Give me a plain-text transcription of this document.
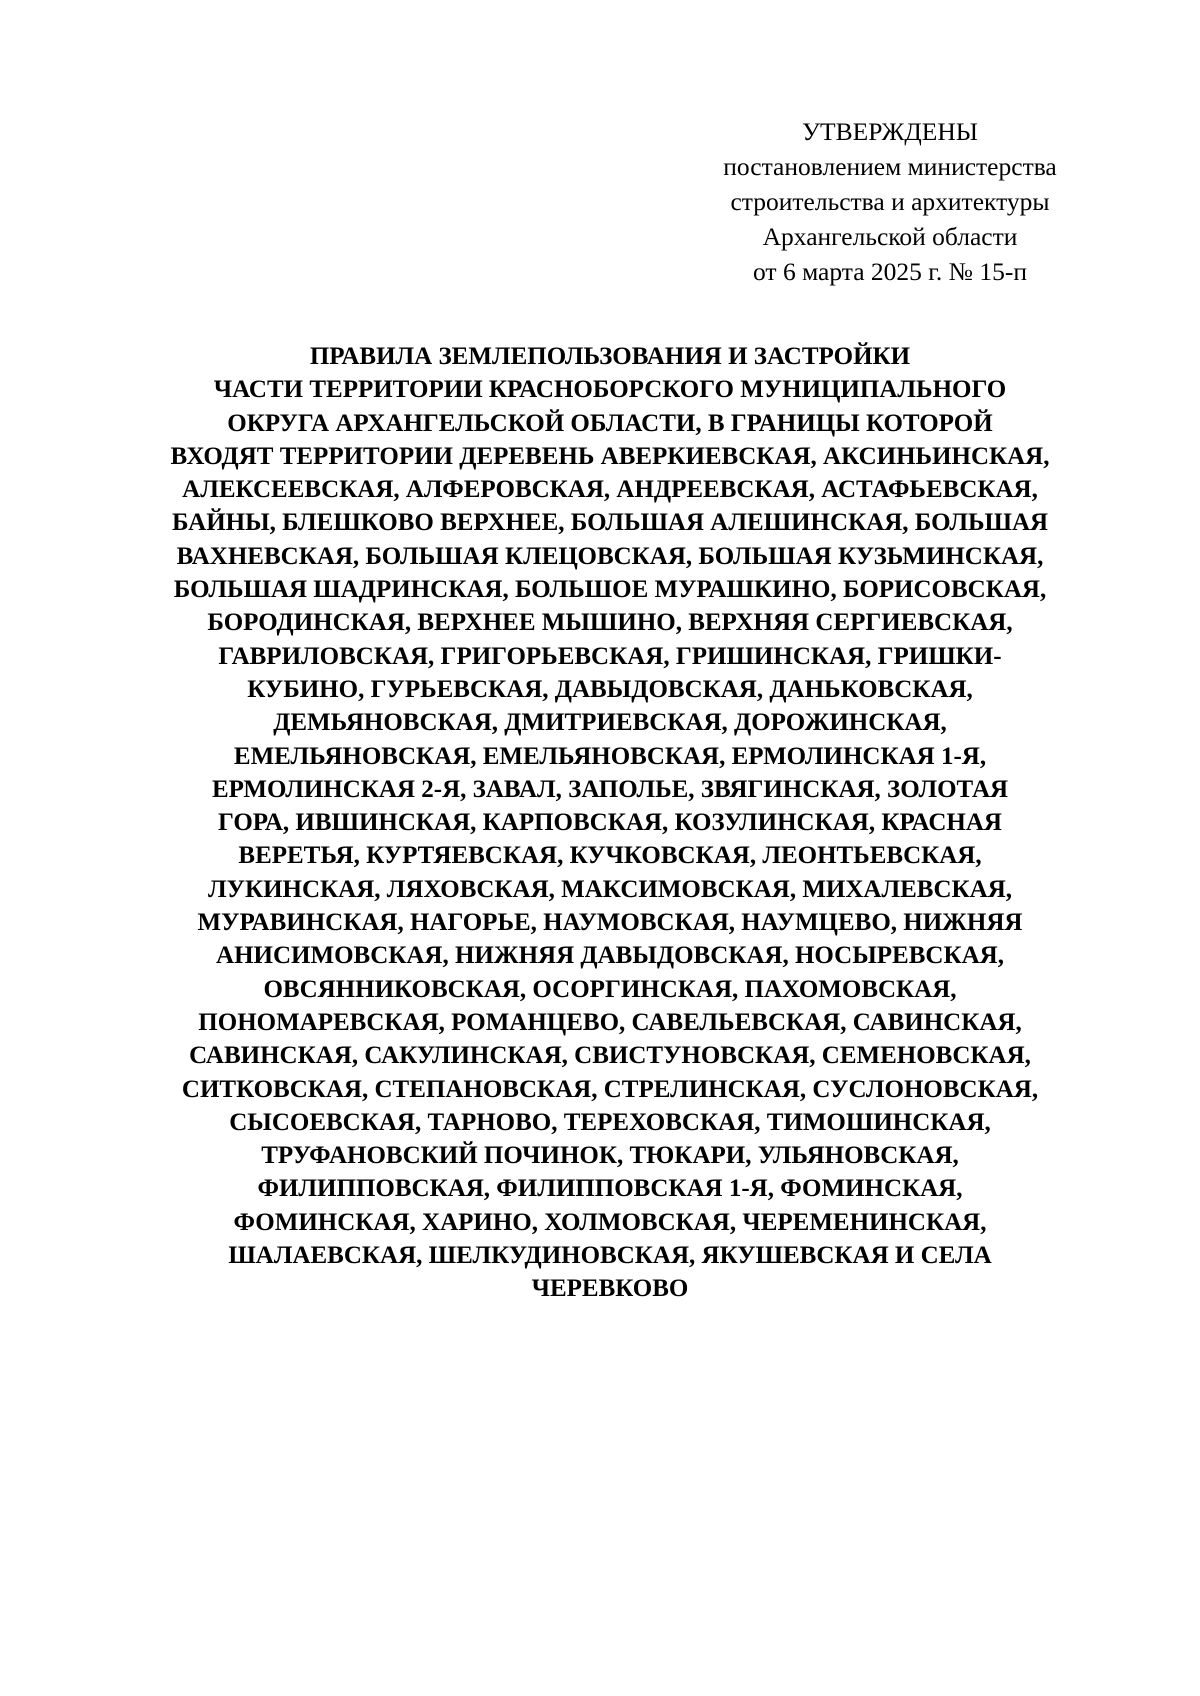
УТВЕРЖДЕНЫ
постановлением министерства
строительства и архитектуры
Архангельской области
от 6 марта 2025 г. № 15-п
ПРАВИЛА ЗЕМЛЕПОЛЬЗОВАНИЯ И ЗАСТРОЙКИ
ЧАСТИ ТЕРРИТОРИИ КРАСНОБОРСКОГО МУНИЦИПАЛЬНОГО
ОКРУГА АРХАНГЕЛЬСКОЙ ОБЛАСТИ, В ГРАНИЦЫ КОТОРОЙ
ВХОДЯТ ТЕРРИТОРИИ ДЕРЕВЕНЬ АВЕРКИЕВСКАЯ, АКСИНЬИНСКАЯ,
АЛЕКСЕЕВСКАЯ, АЛФЕРОВСКАЯ, АНДРЕЕВСКАЯ, АСТАФЬЕВСКАЯ,
БАЙНЫ, БЛЕШКОВО ВЕРХНЕЕ, БОЛЬШАЯ АЛЕШИНСКАЯ, БОЛЬШАЯ
ВАХНЕВСКАЯ, БОЛЬШАЯ КЛЕЦОВСКАЯ, БОЛЬШАЯ КУЗЬМИНСКАЯ,
БОЛЬШАЯ ШАДРИНСКАЯ, БОЛЬШОЕ МУРАШКИНО, БОРИСОВСКАЯ,
БОРОДИНСКАЯ, ВЕРХНЕЕ МЫШИНО, ВЕРХНЯЯ СЕРГИЕВСКАЯ,
ГАВРИЛОВСКАЯ, ГРИГОРЬЕВСКАЯ, ГРИШИНСКАЯ, ГРИШКИ-
КУБИНО, ГУРЬЕВСКАЯ, ДАВЫДОВСКАЯ, ДАНЬКОВСКАЯ,
ДЕМЬЯНОВСКАЯ, ДМИТРИЕВСКАЯ, ДОРОЖИНСКАЯ,
ЕМЕЛЬЯНОВСКАЯ, ЕМЕЛЬЯНОВСКАЯ, ЕРМОЛИНСКАЯ 1-Я,
ЕРМОЛИНСКАЯ 2-Я, ЗАВАЛ, ЗАПОЛЬЕ, ЗВЯГИНСКАЯ, ЗОЛОТАЯ
ГОРА, ИВШИНСКАЯ, КАРПОВСКАЯ, КОЗУЛИНСКАЯ, КРАСНАЯ
ВЕРЕТЬЯ, КУРТЯЕВСКАЯ, КУЧКОВСКАЯ, ЛЕОНТЬЕВСКАЯ,
ЛУКИНСКАЯ, ЛЯХОВСКАЯ, МАКСИМОВСКАЯ, МИХАЛЕВСКАЯ,
МУРАВИНСКАЯ, НАГОРЬЕ, НАУМОВСКАЯ, НАУМЦЕВО, НИЖНЯЯ
АНИСИМОВСКАЯ, НИЖНЯЯ ДАВЫДОВСКАЯ, НОСЫРЕВСКАЯ,
ОВСЯННИКОВСКАЯ, ОСОРГИНСКАЯ, ПАХОМОВСКАЯ,
ПОНОМАРЕВСКАЯ, РОМАНЦЕВО, САВЕЛЬЕВСКАЯ, САВИНСКАЯ,
САВИНСКАЯ, САКУЛИНСКАЯ, СВИСТУНОВСКАЯ, СЕМЕНОВСКАЯ,
СИТКОВСКАЯ, СТЕПАНОВСКАЯ, СТРЕЛИНСКАЯ, СУСЛОНОВСКАЯ,
СЫСОЕВСКАЯ, ТАРНОВО, ТЕРЕХОВСКАЯ, ТИМОШИНСКАЯ,
ТРУФАНОВСКИЙ ПОЧИНОК, ТЮКАРИ, УЛЬЯНОВСКАЯ,
ФИЛИППОВСКАЯ, ФИЛИППОВСКАЯ 1-Я, ФОМИНСКАЯ,
ФОМИНСКАЯ, ХАРИНО, ХОЛМОВСКАЯ, ЧЕРЕМЕНИНСКАЯ,
ШАЛАЕВСКАЯ, ШЕЛКУДИНОВСКАЯ, ЯКУШЕВСКАЯ И СЕЛА
ЧЕРЕВКОВО
